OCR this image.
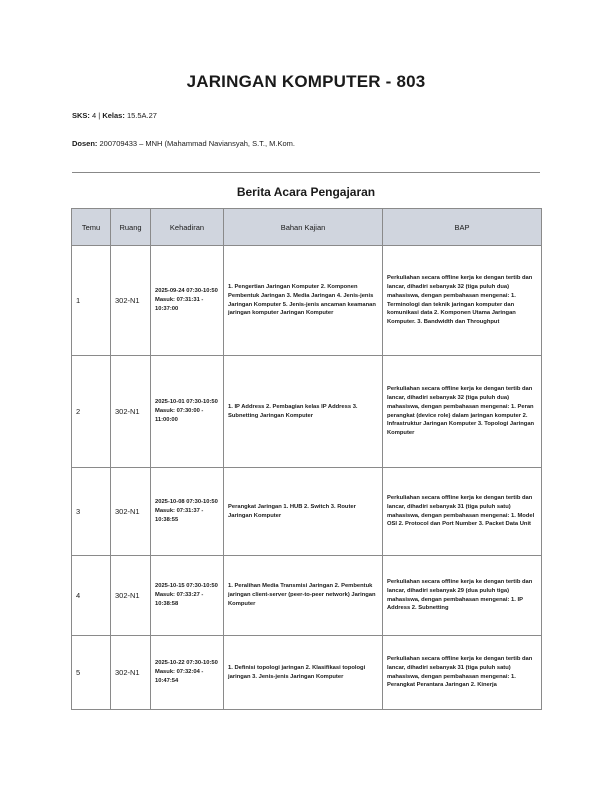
JARINGAN KOMPUTER - 803
SKS: 4 | Kelas: 15.5A.27
Dosen: 200709433 – MNH (Mahammad Naviansyah, S.T., M.Kom.
Berita Acara Pengajaran
Temu	Ruang	Kehadiran	Bahan Kajian	BAP
1	302-N1	2025-09-24 07:30-10:50 Masuk: 07:31:31 - 10:37:00	1. Pengertian Jaringan Komputer 2. Komponen Pembentuk Jaringan 3. Media Jaringan 4. Jenis-jenis Jaringan Komputer 5. Jenis-jenis ancaman keamanan jaringan komputer Jaringan Komputer	Perkuliahan secara offline kerja ke dengan tertib dan lancar, dihadiri sebanyak 32 (tiga puluh dua) mahasiswa, dengan pembahasan mengenai: 1. Terminologi dan teknik jaringan komputer dan komunikasi data 2. Komponen Utama Jaringan Komputer. 3. Bandwidth dan Throughput
2	302-N1	2025-10-01 07:30-10:50 Masuk: 07:30:00 - 11:00:00	1. IP Address 2. Pembagian kelas IP Address 3. Subnetting Jaringan Komputer	Perkuliahan secara offline kerja ke dengan tertib dan lancar, dihadiri sebanyak 32 (tiga puluh dua) mahasiswa, dengan pembahasan mengenai: 1. Peran perangkat (device role) dalam jaringan komputer 2. Infrastruktur Jaringan Komputer 3. Topologi Jaringan Komputer
3	302-N1	2025-10-08 07:30-10:50 Masuk: 07:31:37 - 10:38:55	Perangkat Jaringan 1. HUB 2. Switch 3. Router Jaringan Komputer	Perkuliahan secara offline kerja ke dengan tertib dan lancar, dihadiri sebanyak 31 (tiga puluh satu) mahasiswa, dengan pembahasan mengenai: 1. Model OSI 2. Protocol dan Port Number 3. Packet Data Unit
4	302-N1	2025-10-15 07:30-10:50 Masuk: 07:33:27 - 10:38:58	1. Peralihan Media Transmisi Jaringan 2. Pembentuk jaringan client-server (peer-to-peer network) Jaringan Komputer	Perkuliahan secara offline kerja ke dengan tertib dan lancar, dihadiri sebanyak 29 (dua puluh tiga) mahasiswa, dengan pembahasan mengenai: 1. IP Address 2. Subnetting
5	302-N1	2025-10-22 07:30-10:50 Masuk: 07:32:04 - 10:47:54	1. Definisi topologi jaringan 2. Klasifikasi topologi jaringan 3. Jenis-jenis Jaringan Komputer	Perkuliahan secara offline kerja ke dengan tertib dan lancar, dihadiri sebanyak 31 (tiga puluh satu) mahasiswa, dengan pembahasan mengenai: 1. Perangkat Perantara Jaringan 2. Kinerja
